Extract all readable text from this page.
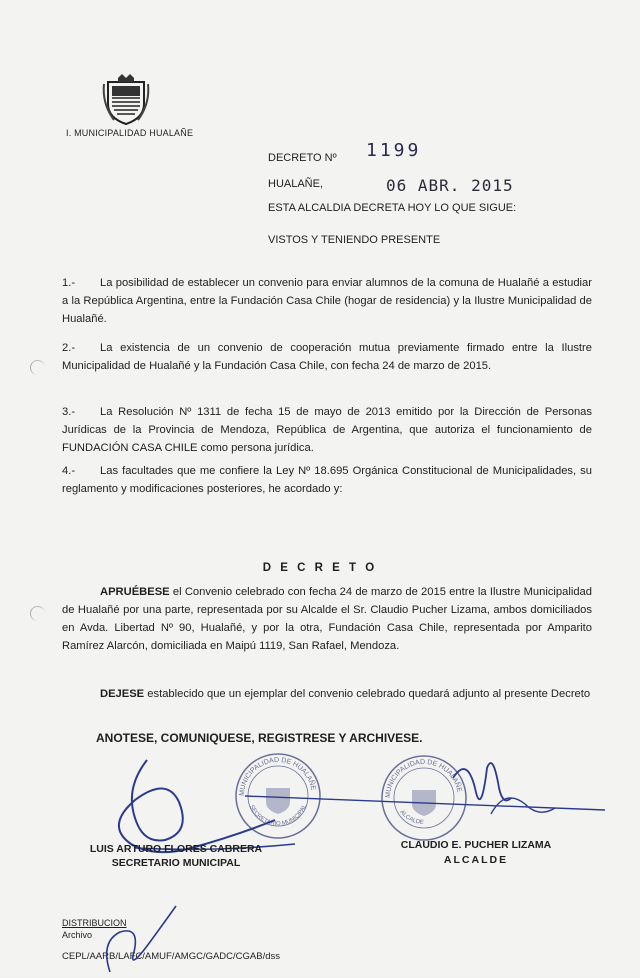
I. MUNICIPALIDAD HUALAÑE
DECRETO Nº 1199
HUALAÑE,	06 ABR. 2015
ESTA ALCALDIA DECRETA HOY LO QUE SIGUE:
VISTOS Y TENIENDO PRESENTE
1.- La posibilidad de establecer un convenio para enviar alumnos de la comuna de Hualañé a estudiar a la República Argentina, entre la Fundación Casa Chile (hogar de residencia) y la Ilustre Municipalidad de Hualañé.
2.- La existencia de un convenio de cooperación mutua previamente firmado entre la Ilustre Municipalidad de Hualañé y la Fundación Casa Chile, con fecha 24 de marzo de 2015.
3.- La Resolución Nº 1311 de fecha 15 de mayo de 2013 emitido por la Dirección de Personas Jurídicas de la Provincia de Mendoza, República de Argentina, que autoriza el funcionamiento de FUNDACIÓN CASA CHILE como persona jurídica.
4.- Las facultades que me confiere la Ley Nº 18.695 Orgánica Constitucional de Municipalidades, su reglamento y modificaciones posteriores, he acordado y:
D E C R E T O
APRUÉBESE el Convenio celebrado con fecha 24 de marzo de 2015 entre la Ilustre Municipalidad de Hualañé por una parte, representada por su Alcalde el Sr. Claudio Pucher Lizama, ambos domiciliados en Avda. Libertad Nº 90, Hualañé, y por la otra, Fundación Casa Chile, representada por Amparito Ramírez Alarcón, domiciliada en Maipú 1119, San Rafael, Mendoza.
DEJESE establecido que un ejemplar del convenio celebrado quedará adjunto al presente Decreto
ANOTESE, COMUNIQUESE, REGISTRESE Y ARCHIVESE.
MUNICIPALIDAD DE HUALAÑE
SECRETARIO MUNICIPAL
MUNICIPALIDAD DE HUALAÑE
ALCALDE
LUIS ARTURO FLORES CABRERA
SECRETARIO MUNICIPAL
CLAUDIO E. PUCHER LIZAMA
ALCALDE
DISTRIBUCION
Archivo
CEPL/AARB/LAFC/AMUF/AMGC/GADC/CGAB/dss
